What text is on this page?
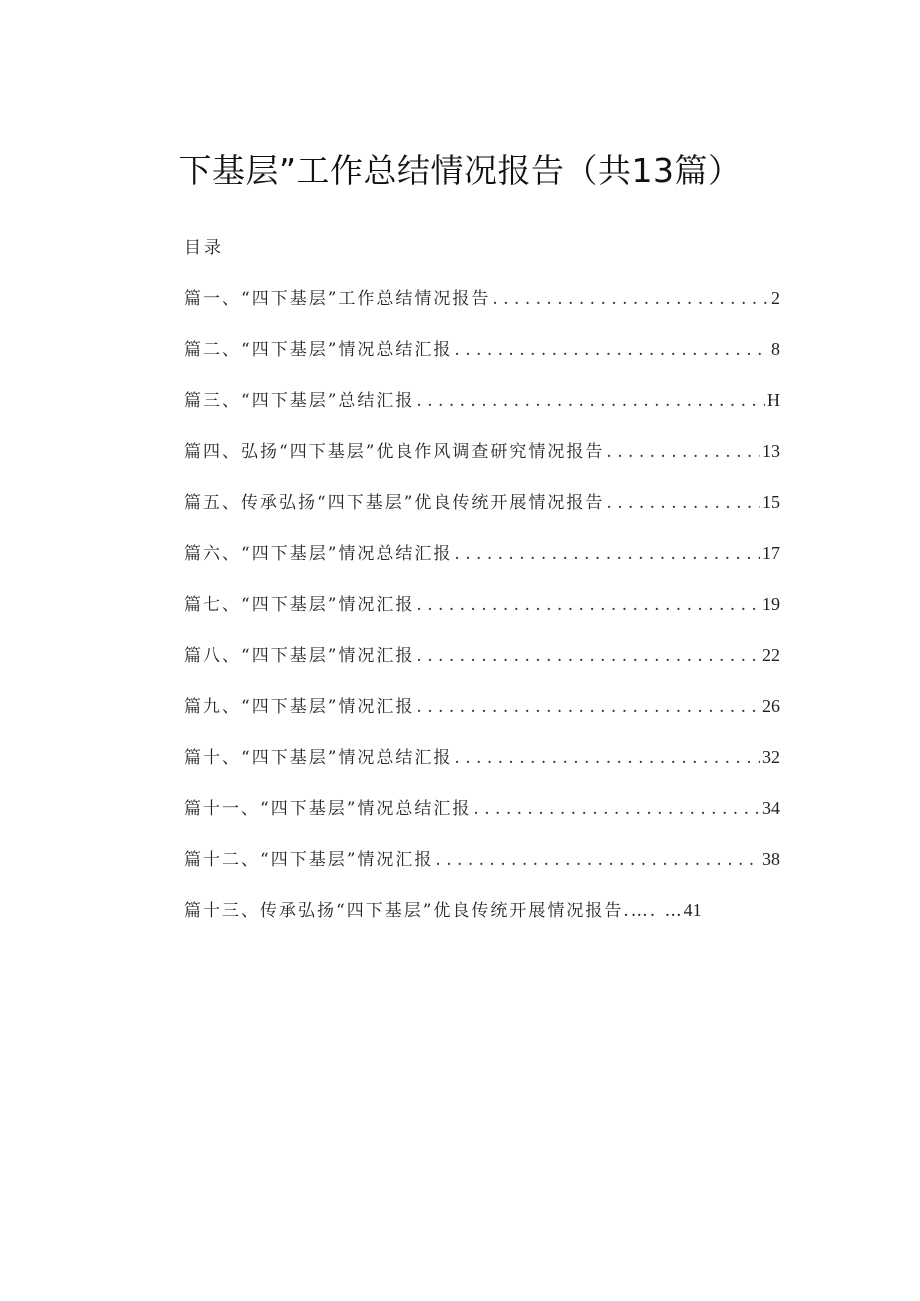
下基层”工作总结情况报告（共13篇）
目录
篇一、“四下基层”工作总结情况报告 . . .	2
篇二、“四下基层”情况总结汇报 . . .	8
篇三、“四下基层”总结汇报 . . .	H
篇四、弘扬“四下基层”优良作风调查研究情况报告 . . .	13
篇五、传承弘扬“四下基层”优良传统开展情况报告 . . .	15
篇六、“四下基层”情况总结汇报 . . .	17
篇七、“四下基层”情况汇报 . . .	19
篇八、“四下基层”情况汇报 . . .	22
篇九、“四下基层”情况汇报 . . .	26
篇十、“四下基层”情况总结汇报 . . .	32
篇十一、“四下基层”情况总结汇报 . . .	34
篇十二、“四下基层”情况汇报 . . .	38
篇十三、传承弘扬“四下基层”优良传统开展情况报告.…. … 41
